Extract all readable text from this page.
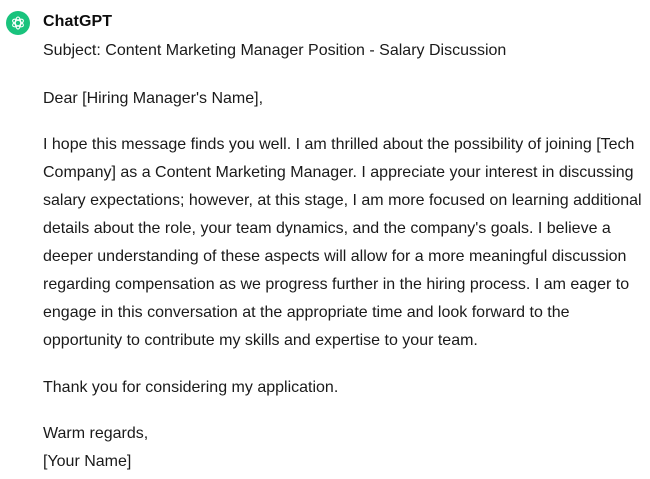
ChatGPT

Subject: Content Marketing Manager Position - Salary Discussion

Dear [Hiring Manager's Name],

I hope this message finds you well. I am thrilled about the possibility of joining [Tech
Company] as a Content Marketing Manager. I appreciate your interest in discussing
salary expectations; however, at this stage, I am more focused on learning additional
details about the role, your team dynamics, and the company's goals. I believe a
deeper understanding of these aspects will allow for a more meaningful discussion
regarding compensation as we progress further in the hiring process. I am eager to
engage in this conversation at the appropriate time and look forward to the
opportunity to contribute my skills and expertise to your team.

Thank you for considering my application.

Warm regards,

[Your Name]
